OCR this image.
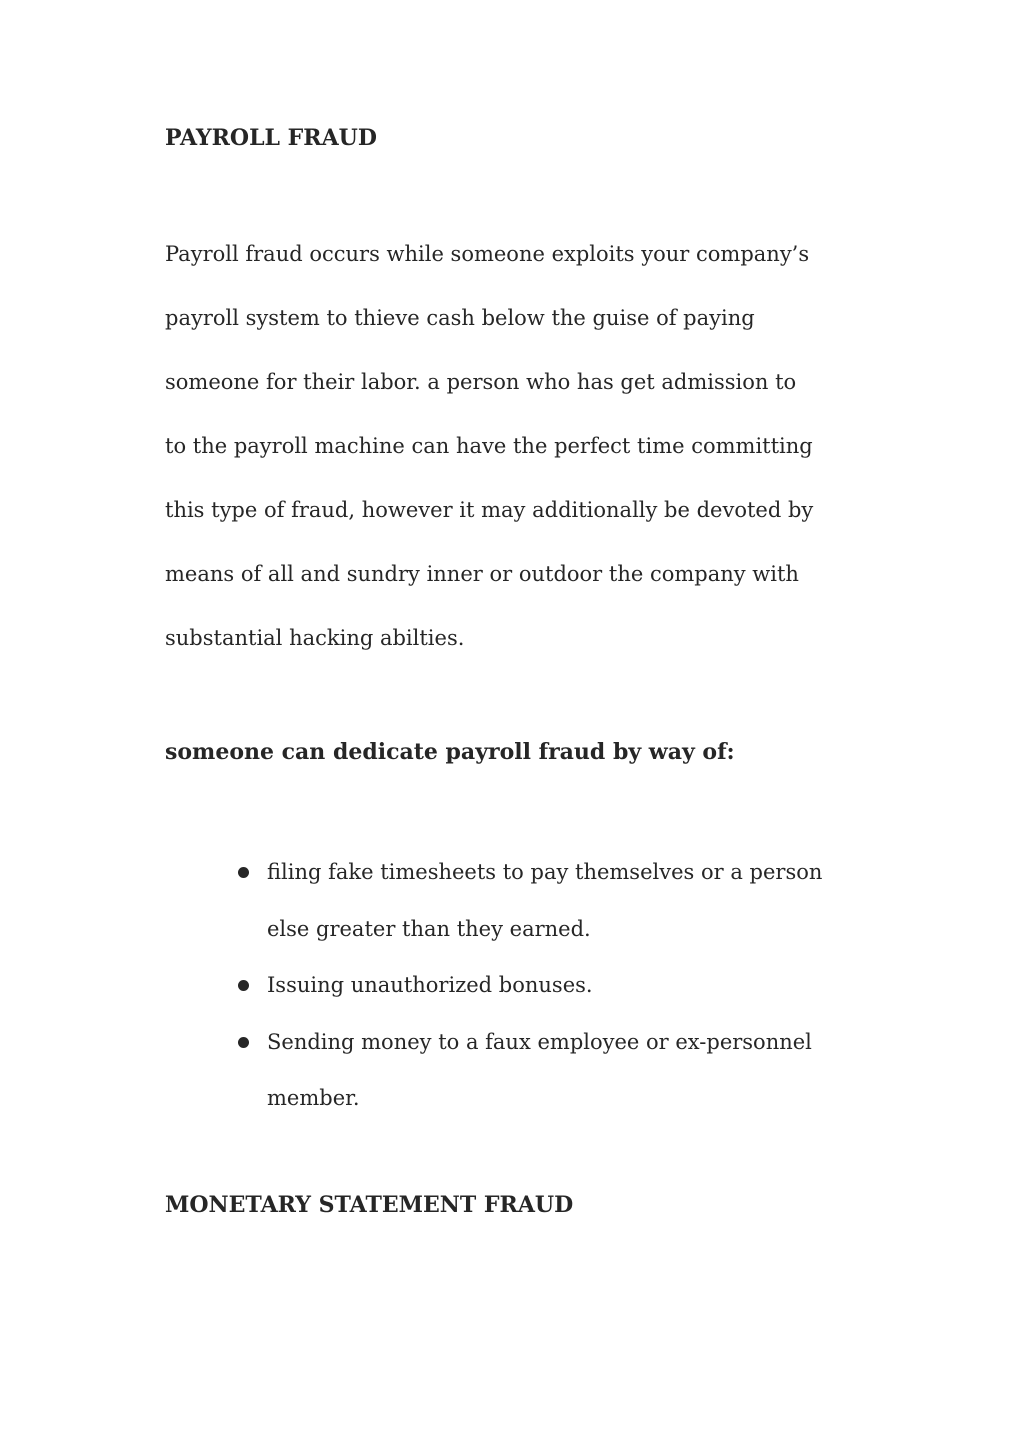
PAYROLL FRAUD

Payroll fraud occurs while someone exploits your company’s
payroll system to thieve cash below the guise of paying
someone for their labor. a person who has get admission to
to the payroll machine can have the perfect time committing
this type of fraud, however it may additionally be devoted by
means of all and sundry inner or outdoor the company with
substantial hacking abilties.

someone can dedicate payroll fraud by way of:
filing fake timesheets to pay themselves or a person
else greater than they earned.
Issuing unauthorized bonuses.
Sending money to a faux employee or ex-personnel
member.
MONETARY STATEMENT FRAUD
